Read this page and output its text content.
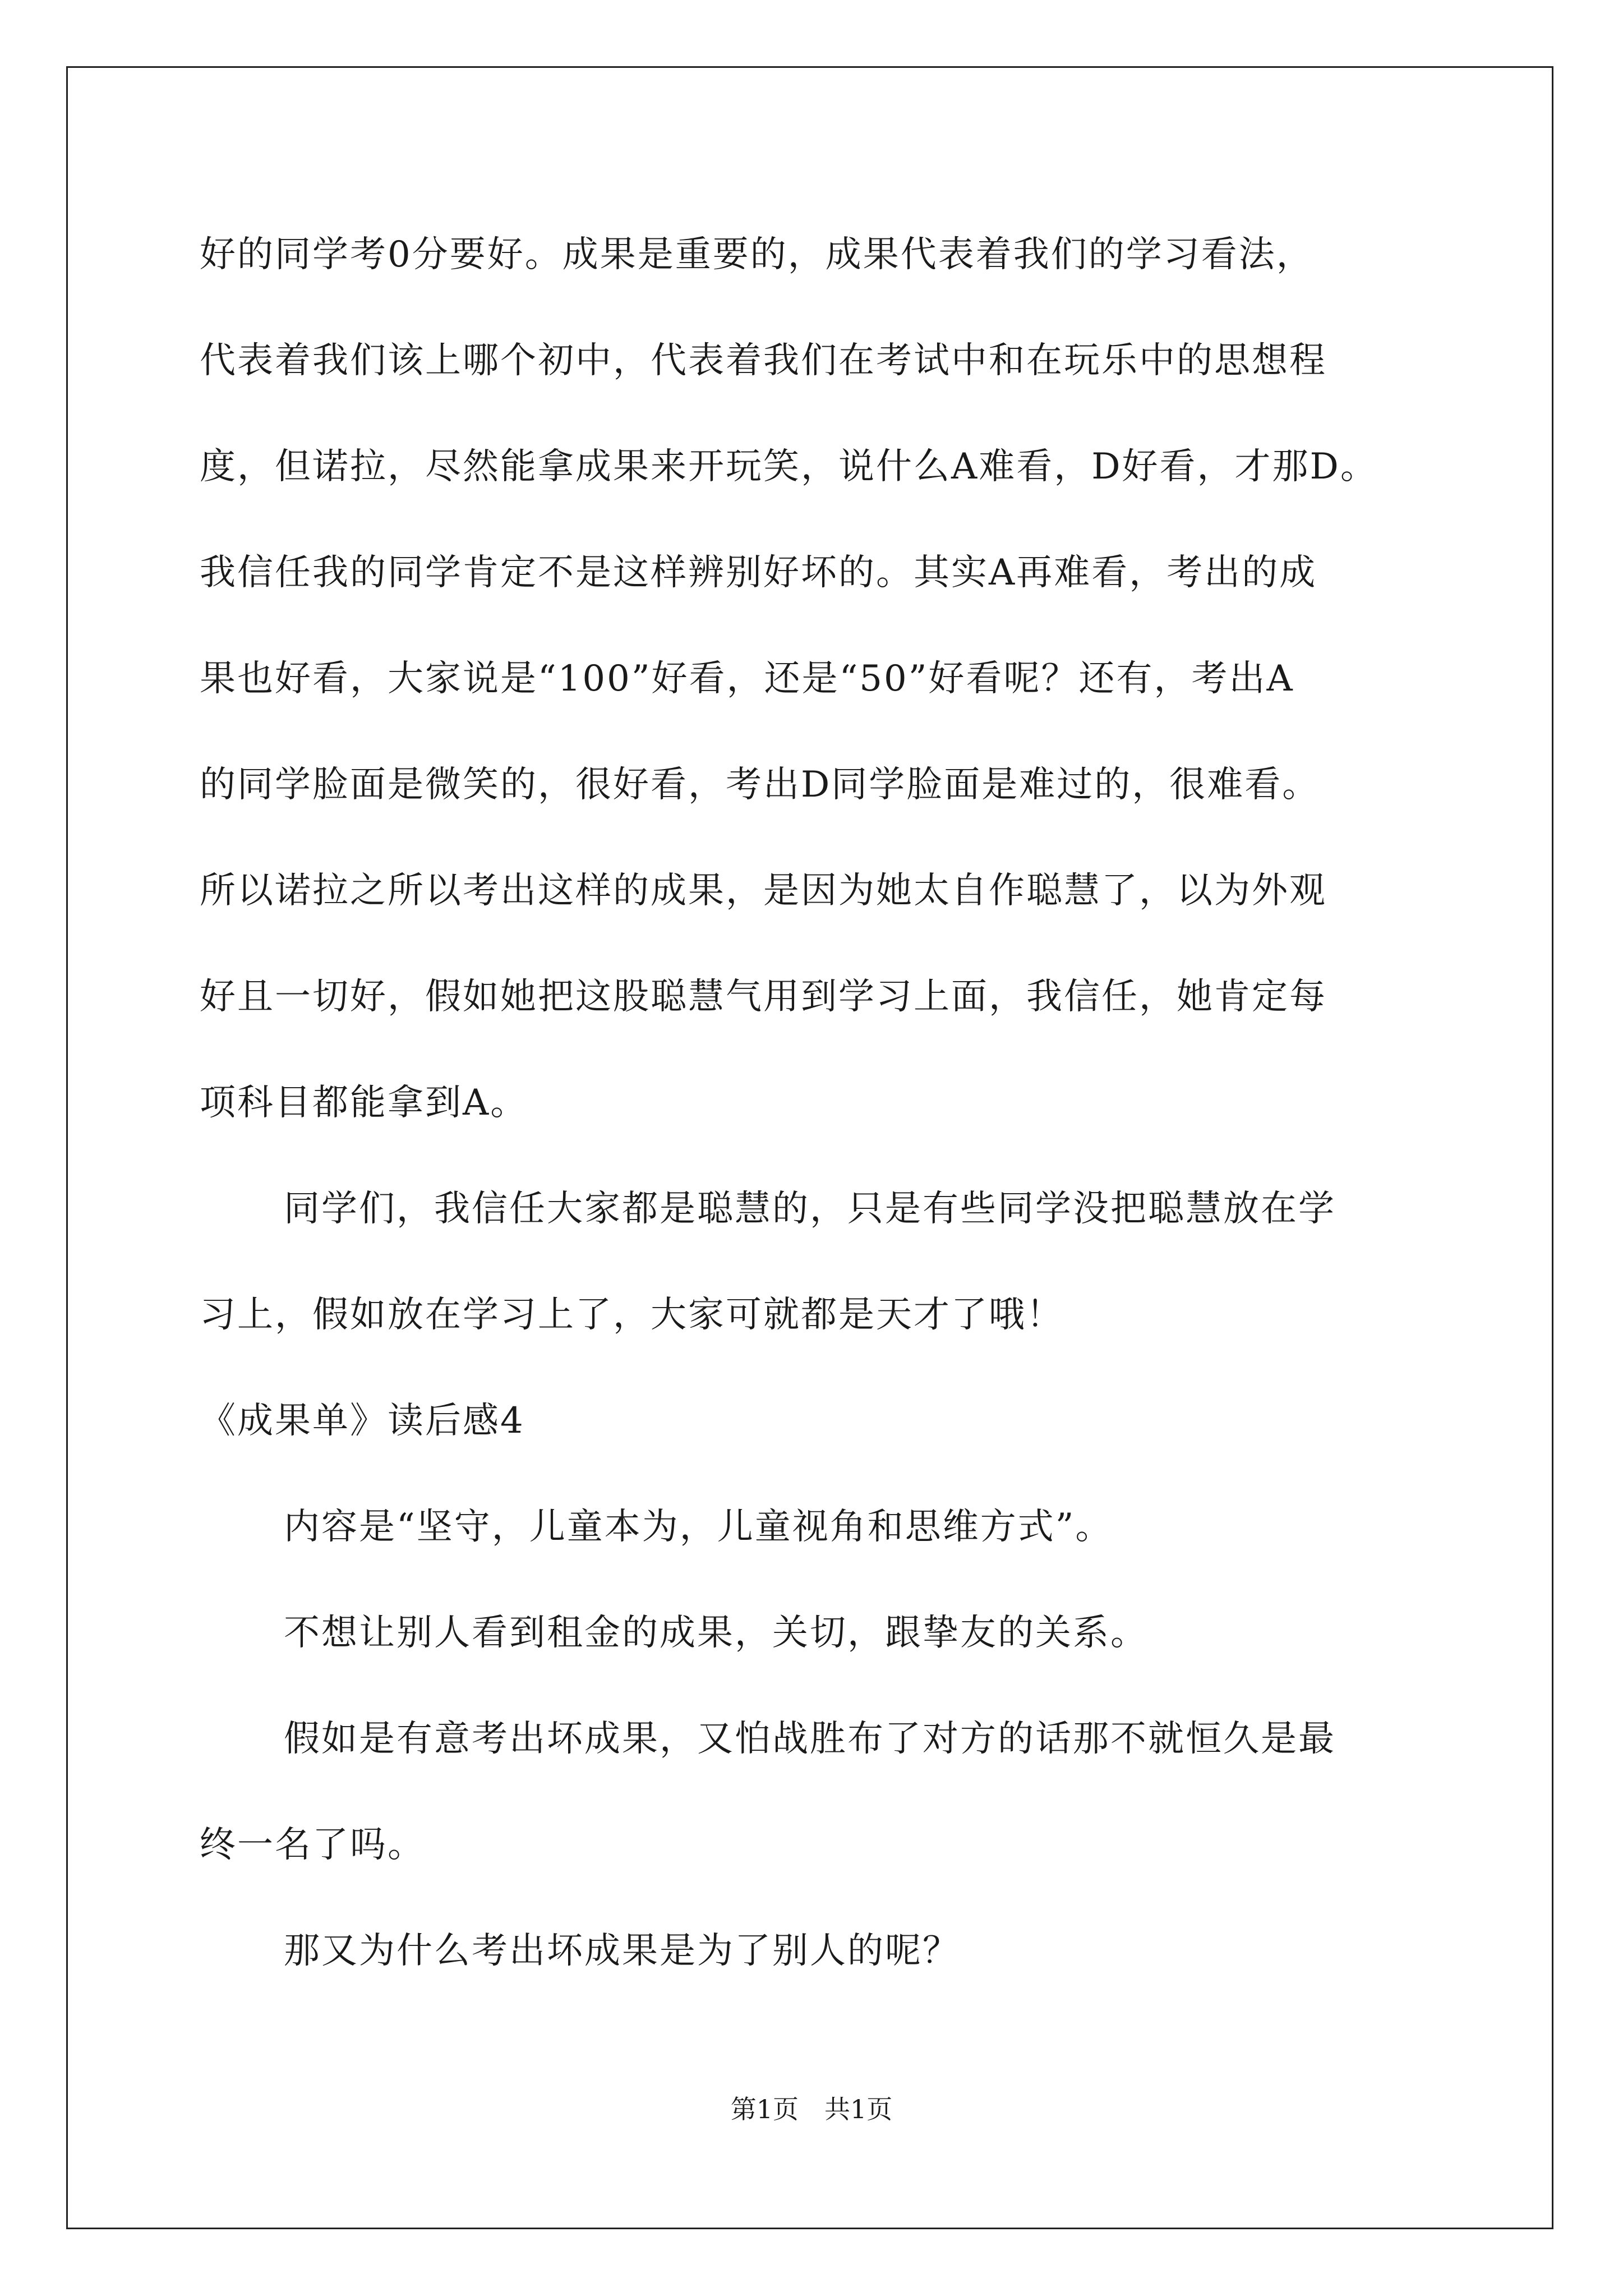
好的同学考0分要好。成果是重要的，成果代表着我们的学习看法，
代表着我们该上哪个初中，代表着我们在考试中和在玩乐中的思想程
度，但诺拉，尽然能拿成果来开玩笑，说什么A难看，D好看，才那D。
我信任我的同学肯定不是这样辨别好坏的。其实A再难看，考出的成
果也好看，大家说是“100”好看，还是“50”好看呢？还有，考出A
的同学脸面是微笑的，很好看，考出D同学脸面是难过的，很难看。
所以诺拉之所以考出这样的成果，是因为她太自作聪慧了，以为外观
好且一切好，假如她把这股聪慧气用到学习上面，我信任，她肯定每
项科目都能拿到A。
同学们，我信任大家都是聪慧的，只是有些同学没把聪慧放在学
习上，假如放在学习上了，大家可就都是天才了哦！
《成果单》读后感4
内容是“坚守，儿童本为，儿童视角和思维方式”。
不想让别人看到租金的成果，关切，跟挚友的关系。
假如是有意考出坏成果，又怕战胜布了对方的话那不就恒久是最
终一名了吗。
那又为什么考出坏成果是为了别人的呢？
第1页　共1页
